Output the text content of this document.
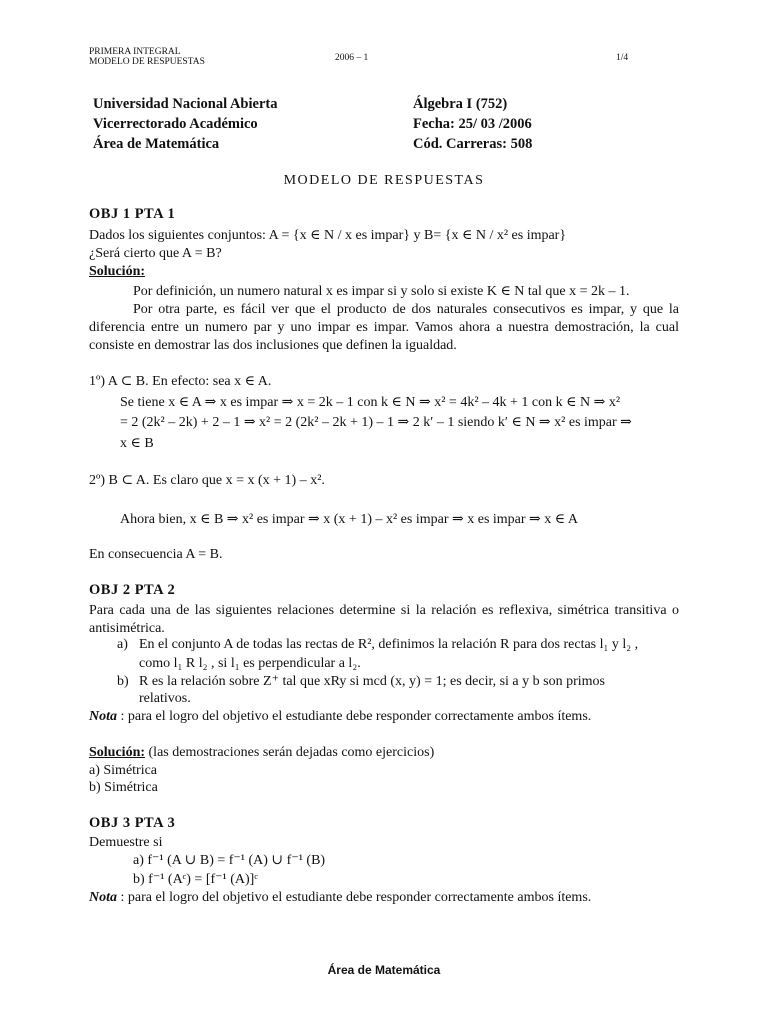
PRIMERA INTEGRAL
MODELO DE RESPUESTAS	2006 – 1	1/4
Universidad Nacional Abierta
Vicerrectorado Académico
Área de Matemática
Álgebra I (752)
Fecha: 25/ 03 /2006
Cód. Carreras: 508
MODELO DE RESPUESTAS
OBJ 1 PTA 1
Dados los siguientes conjuntos: A = {x ∈ N / x es impar} y B= {x ∈ N / x² es impar}
¿Será cierto que A = B?
Solución:
Por definición, un numero natural x es impar si y solo si existe K ∈ N tal que x = 2k – 1.
Por otra parte, es fácil ver que el producto de dos naturales consecutivos es impar, y que la diferencia entre un numero par y uno impar es impar. Vamos ahora a nuestra demostración, la cual consiste en demostrar las dos inclusiones que definen la igualdad.
1º) A ⊂ B. En efecto: sea x ∈ A.
Se tiene x ∈ A ⇒ x es impar ⇒ x = 2k – 1 con k ∈ N ⇒ x² = 4k² – 4k + 1 con k ∈ N ⇒ x²
= 2 (2k² – 2k) + 2 – 1 ⇒ x² = 2 (2k² – 2k + 1) – 1 ⇒ 2 k′ – 1 siendo k′ ∈ N ⇒ x² es impar ⇒
x ∈ B
2º) B ⊂ A. Es claro que x = x (x + 1) – x².
Ahora bien, x ∈ B ⇒ x² es impar ⇒ x (x + 1) – x² es impar ⇒ x es impar ⇒ x ∈ A
En consecuencia A = B.
OBJ 2 PTA 2
Para cada una de las siguientes relaciones determine si la relación es reflexiva, simétrica transitiva o antisimétrica.
a) En el conjunto A de todas las rectas de R², definimos la relación R para dos rectas l₁ y l₂ ,
como l₁ R l₂ , si l₁ es perpendicular a l₂.
b) R es la relación sobre Z⁺ tal que xRy si mcd (x, y) = 1; es decir, si a y b son primos
relativos.
Nota : para el logro del objetivo el estudiante debe responder correctamente ambos ítems.
Solución: (las demostraciones serán dejadas como ejercicios)
a) Simétrica
b) Simétrica
OBJ 3 PTA 3
Demuestre si
a) f⁻¹ (A ∪ B) = f⁻¹ (A) ∪ f⁻¹ (B)
b) f⁻¹ (Aᶜ) = [f⁻¹ (A)]ᶜ
Nota : para el logro del objetivo el estudiante debe responder correctamente ambos ítems.
Área de Matemática
